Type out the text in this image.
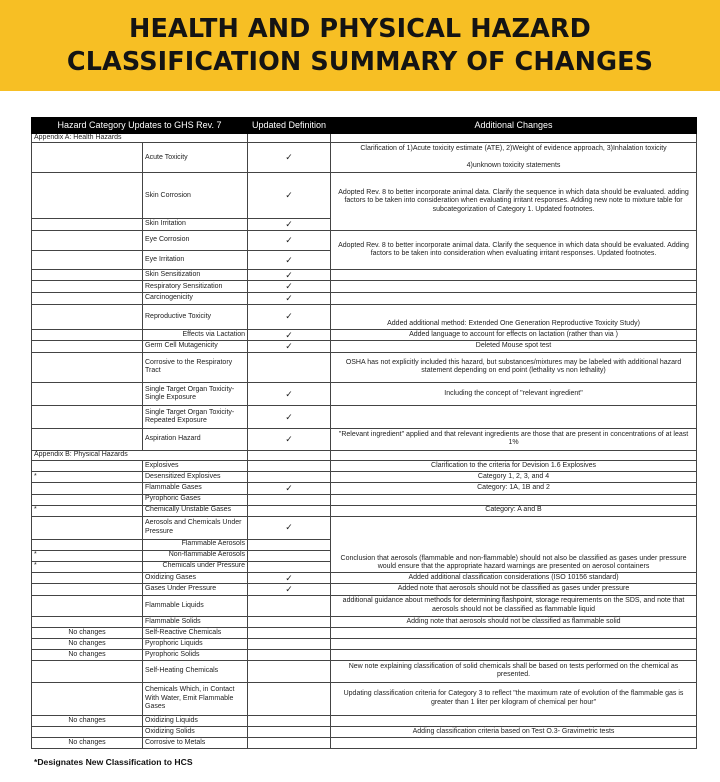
HEALTH AND PHYSICAL HAZARD
CLASSIFICATION SUMMARY OF CHANGES
Hazard Category Updates to GHS Rev. 7		Updated Definition	Additional Changes
Appendix A: Health Hazards			
	Acute Toxicity	✓	Clarification of 1)Acute toxicity estimate (ATE), 2)Weight of evidence approach, 3)Inhalation toxicity
4)unknown toxicity statements

	Skin Corrosion	✓	Adopted Rev. 8 to better incorporate animal data. Clarify the sequence in which data should be evaluated. adding factors to be taken into consideration when evaluating irritant responses. Adding new note to mixture table for subcategorization of Category 1. Updated footnotes.
	Skin Irritation	✓	
	Eye Corrosion	✓	Adopted Rev. 8 to better incorporate animal data. Clarify the sequence in which data should be evaluated. Adding factors to be taken into consideration when evaluating irritant responses. Updated footnotes.
	Eye Irritation	✓	
	Skin Sensitization	✓	
	Respiratory Sensitization	✓	
	Carcinogenicity	✓	
	Reproductive Toxicity	✓	Added additional method: Extended One Generation Reproductive Toxicity Study)
	Effects via Lactation	✓	Added language to account for effects on lactation (rather than via )
	Germ Cell Mutagenicity	✓	Deleted Mouse spot test
	Corrosive to the Respiratory Tract		OSHA has not explicitly included this hazard, but substances/mixtures may be labeled with additional hazard statement depending on end point (lethality vs non lethality)
	Single Target Organ Toxicity-Single Exposure	✓	Including the concept of "relevant ingredient"
	Single Target Organ Toxicity-Repeated Exposure	✓	
	Aspiration Hazard	✓	"Relevant ingredient" applied and that relevant ingredients are those that are present in concentrations of at least 1%
Appendix B: Physical Hazards			
	Explosives		Clarification to the criteria for Devision 1.6 Explosives
*	Desensitized Explosives		Category 1, 2, 3, and 4
	Flammable Gases	✓	Category: 1A, 1B and 2
	Pyrophoric Gases		
*	Chemically Unstable Gases		Category: A and B
	Aerosols and Chemicals Under Pressure	✓	Conclusion that aerosols (flammable and non-flammable) should not also be classified as gases under pressure would ensure that the appropriate hazard warnings are presented on aerosol containers
	Flammable Aerosols		
*	Non-flammable Aerosols		
*	Chemicals under Pressure		
	Oxidizing Gases	✓	Added additional classification considerations (ISO 10156 standard)
	Gases Under Pressure	✓	Added note that aerosols should not be classified as gases under pressure
	Flammable Liquids		additional guidance about methods for determining flashpoint, storage requirements on the SDS, and note that aerosols should not be classified as flammable liquid
	Flammable Solids		Adding note that aerosols should not be classified as flammable solid
No changes	Self-Reactive Chemicals		
No changes	Pyrophoric Liquids		
No changes	Pyrophoric Solids		
	Self-Heating Chemicals		New note explaining classification of solid chemicals shall be based on tests performed on the chemical as presented.
	Chemicals Which, in Contact With Water, Emit Flammable Gases		Updating classification criteria for Category 3 to reflect "the maximum rate of evolution of the flammable gas is greater than 1 liter per kilogram of chemical per hour"
No changes	Oxidizing Liquids		
	Oxidizing Solids		Adding classification criteria based on Test O.3- Gravimetric tests
No changes	Corrosive to Metals		
*Designates New Classification to HCS
